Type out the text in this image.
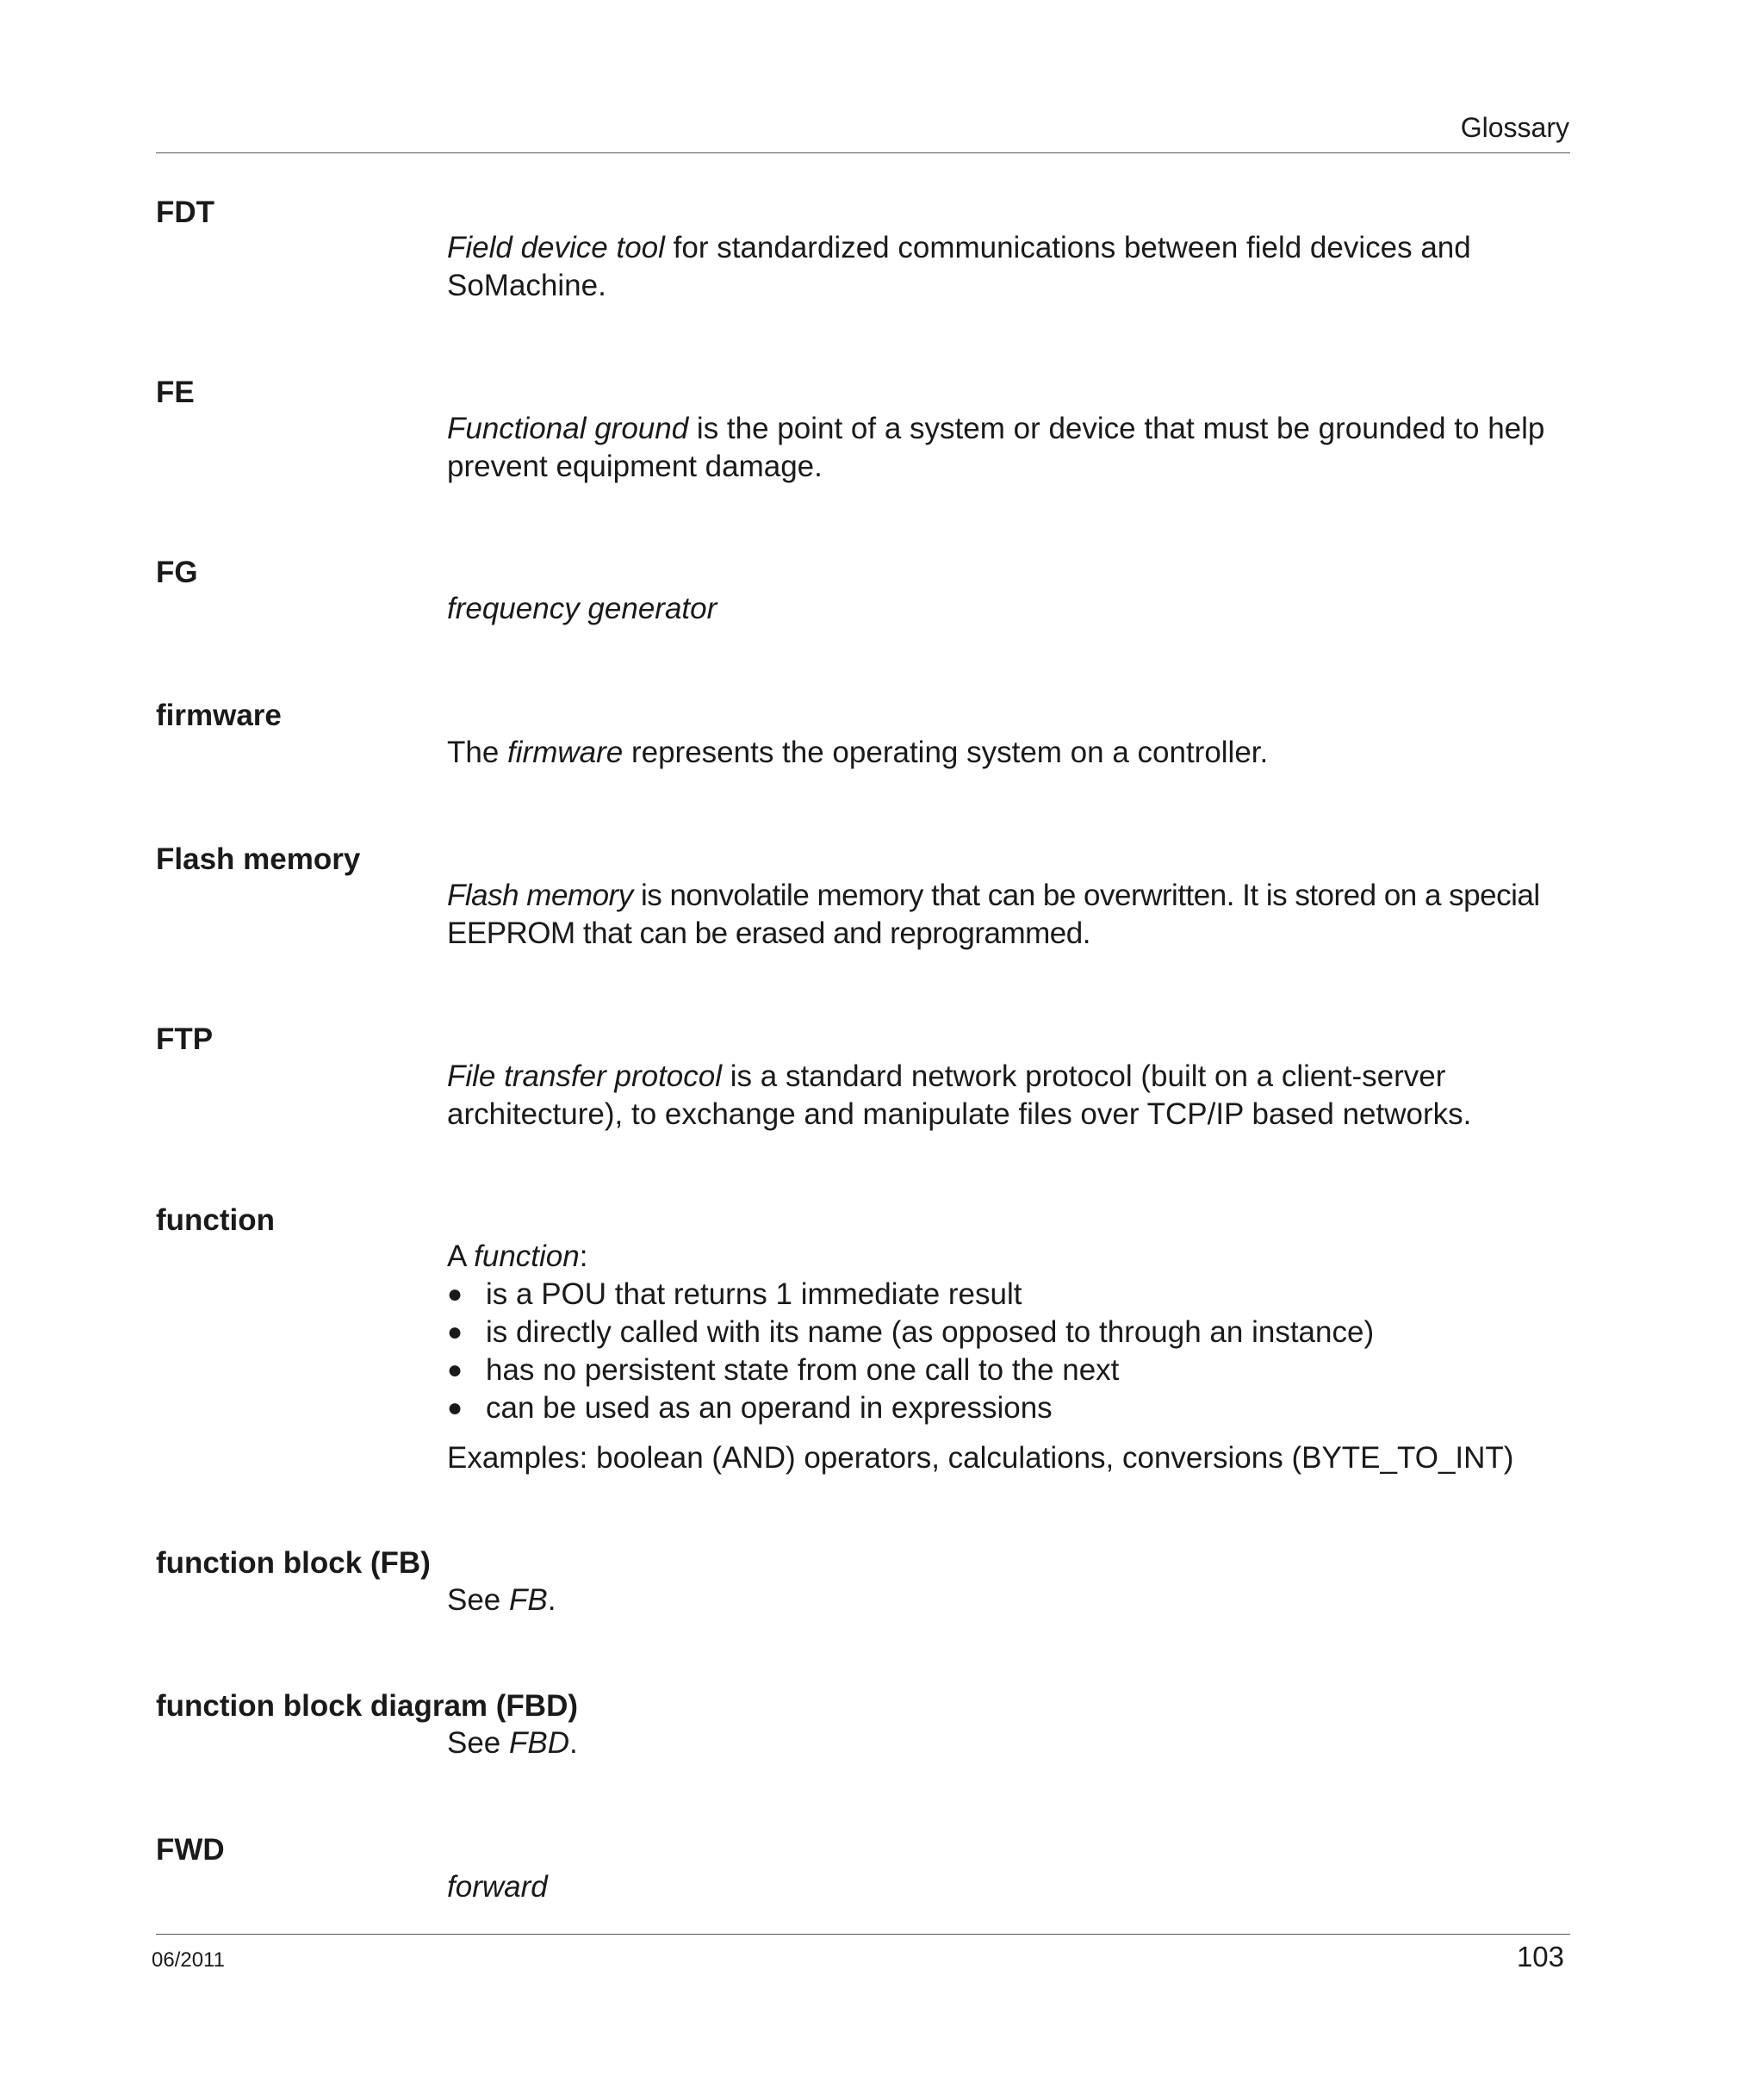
Glossary
FDT
Field device tool for standardized communications between field devices and SoMachine.
FE
Functional ground is the point of a system or device that must be grounded to help prevent equipment damage.
FG
frequency generator
firmware
The firmware represents the operating system on a controller.
Flash memory
Flash memory is nonvolatile memory that can be overwritten. It is stored on a special EEPROM that can be erased and reprogrammed.
FTP
File transfer protocol is a standard network protocol (built on a client-server architecture), to exchange and manipulate files over TCP/IP based networks.
function
A function:
● is a POU that returns 1 immediate result
● is directly called with its name (as opposed to through an instance)
● has no persistent state from one call to the next
● can be used as an operand in expressions
Examples: boolean (AND) operators, calculations, conversions (BYTE_TO_INT)
function block (FB)
See FB.
function block diagram (FBD)
See FBD.
FWD
forward
06/2011	103
